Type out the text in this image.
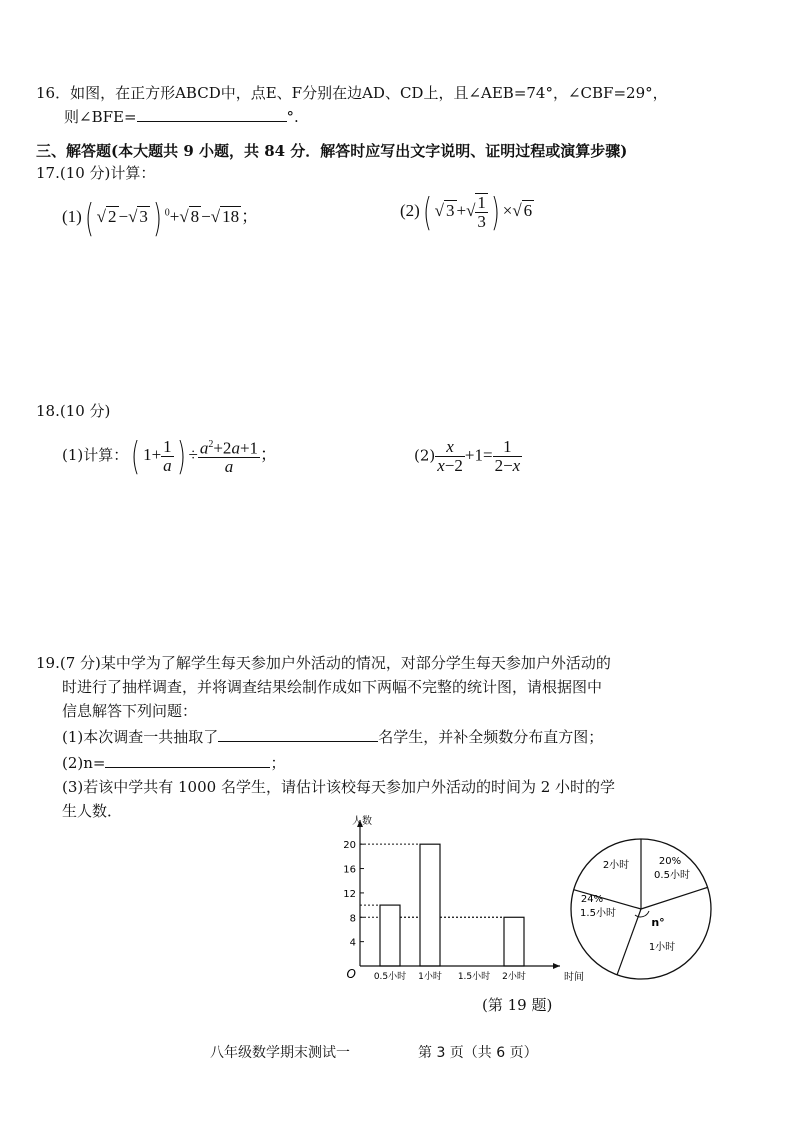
16．如图，在正方形ABCD中，点E、F分别在边AD、CD上，且∠AEB=74°，∠CBF=29°，
则∠BFE=	°.
三、解答题(本大题共 9 小题，共 84 分．解答时应写出文字说明、证明过程或演算步骤)
17.(10 分)计算：
(1)( √ 2 −√ 3 ) $^0$+√ 8 −√ 18 ；	(2)( √ 3 +√ $\frac{1}{3}$ ) ×√ 6
18.(10 分)
(1)计算：( $1+ \frac{1}{a}$ ) ÷ $\frac{a^2+2a+1}{a}$ ；	$(2) \frac{x}{x-2} +1= \frac{1}{2-x}$
19.(7 分)某中学为了解学生每天参加户外活动的情况，对部分学生每天参加户外活动的
时进行了抽样调查，并将调查结果绘制作成如下两幅不完整的统计图，请根据图中
信息解答下列问题：
(1)本次调查一共抽取了	名学生，并补全频数分布直方图；
(2)n=	；
(3)若该中学共有 1000 名学生，请估计该校每天参加户外活动的时间为 2 小时的学
生人数．
4
8
12
16
20
O
人数
时间
0.5小时 1小时 1.5小时 2小时
20%
0.5小时
n°
1小时
24%
1.5小时
2小时
(第 19 题)
八年级数学期末测试一	第 3 页（共 6 页）
